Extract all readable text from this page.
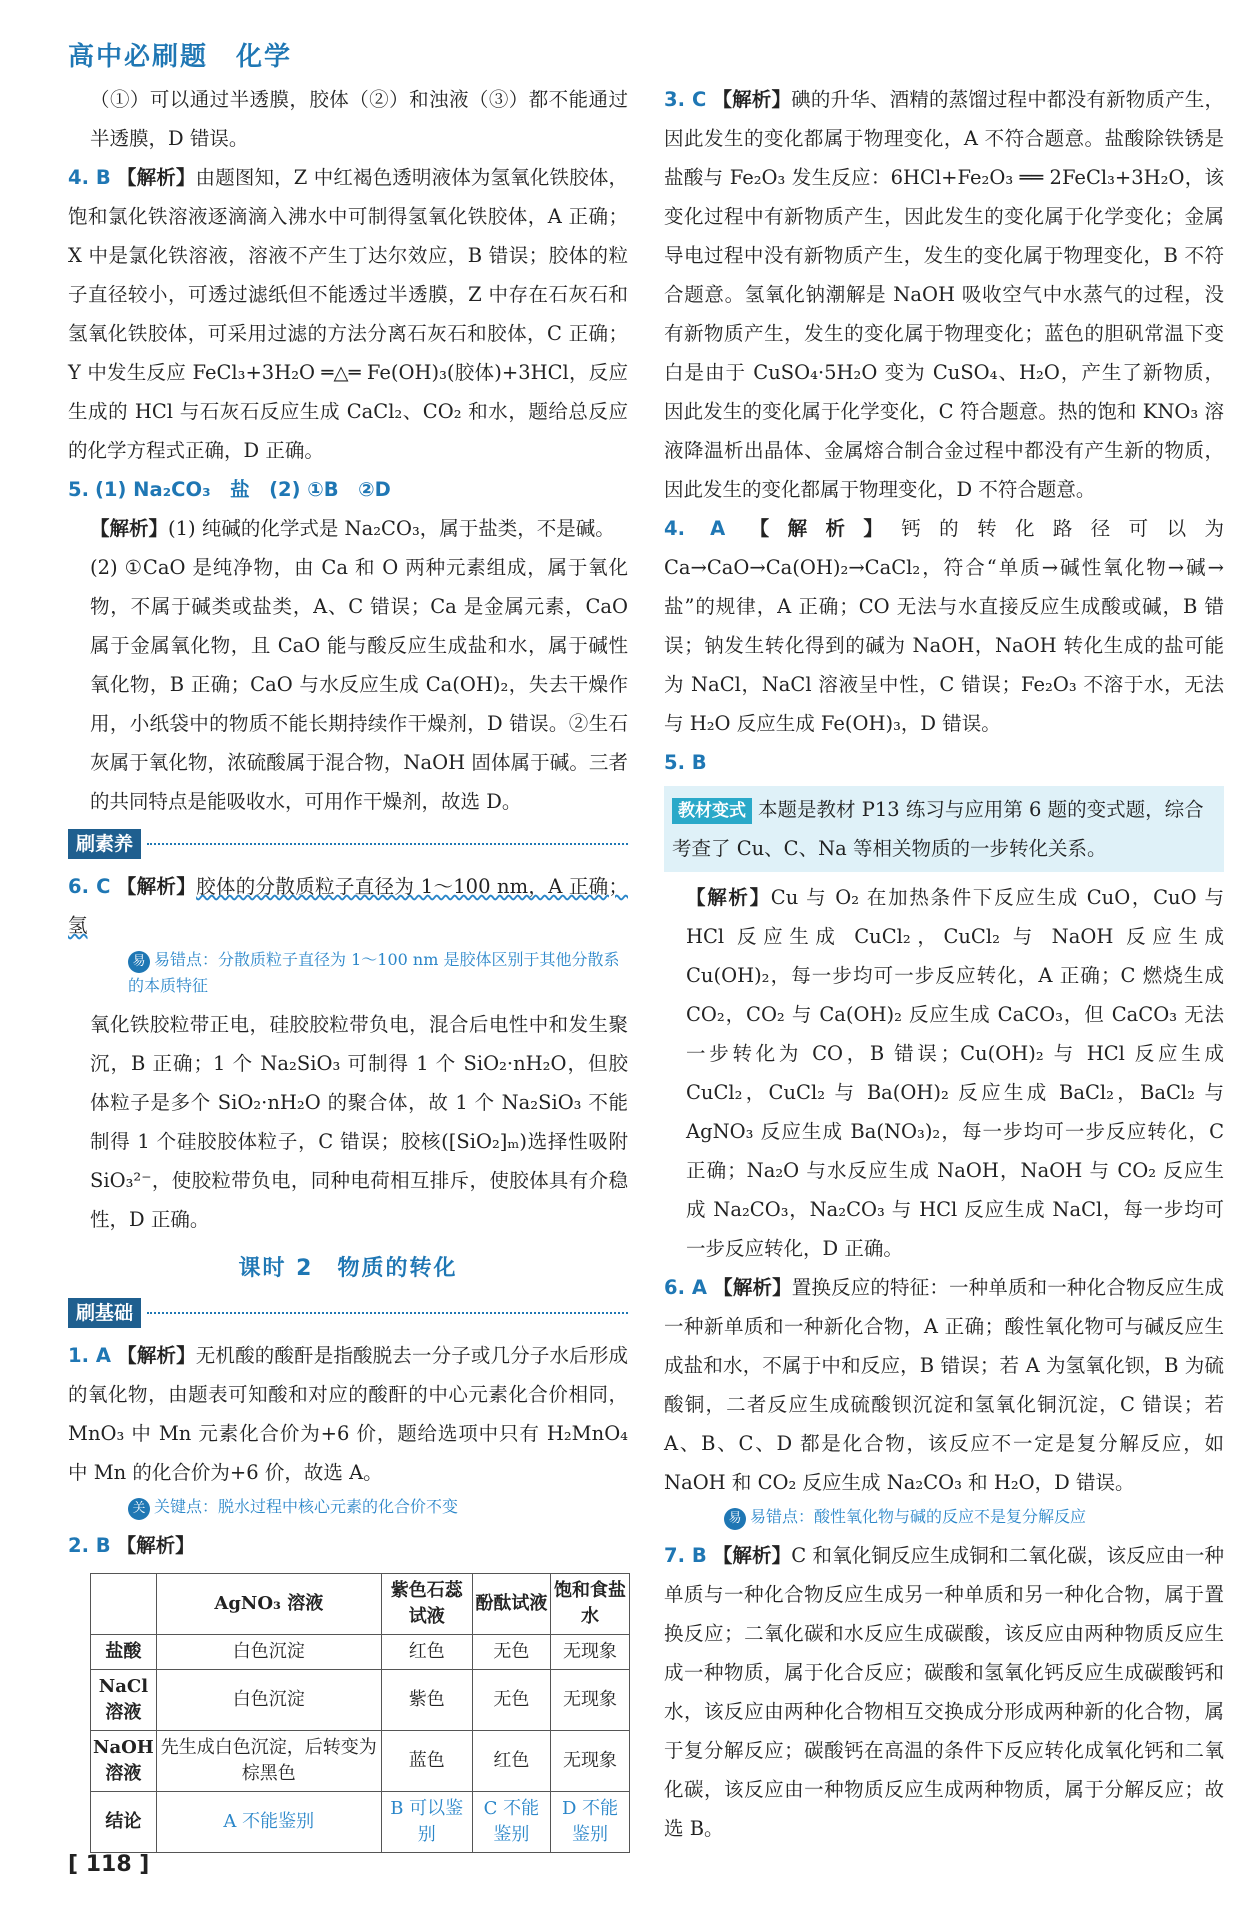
高中必刷题　化学

（①）可以通过半透膜，胶体（②）和浊液（③）都不能通过半透膜，D 错误。

4. B 【解析】由题图知，Z 中红褐色透明液体为氢氧化铁胶体，饱和氯化铁溶液逐滴滴入沸水中可制得氢氧化铁胶体，A 正确；X 中是氯化铁溶液，溶液不产生丁达尔效应，B 错误；胶体的粒子直径较小，可透过滤纸但不能透过半透膜，Z 中存在石灰石和氢氧化铁胶体，可采用过滤的方法分离石灰石和胶体，C 正确；Y 中发生反应 FeCl₃+3H₂O ═△═ Fe(OH)₃(胶体)+3HCl，反应生成的 HCl 与石灰石反应生成 CaCl₂、CO₂ 和水，题给总反应的化学方程式正确，D 正确。

5. (1) Na₂CO₃　盐　(2) ①B　②D

【解析】(1) 纯碱的化学式是 Na₂CO₃，属于盐类，不是碱。

(2) ①CaO 是纯净物，由 Ca 和 O 两种元素组成，属于氧化物，不属于碱类或盐类，A、C 错误；Ca 是金属元素，CaO 属于金属氧化物，且 CaO 能与酸反应生成盐和水，属于碱性氧化物，B 正确；CaO 与水反应生成 Ca(OH)₂，失去干燥作用，小纸袋中的物质不能长期持续作干燥剂，D 错误。②生石灰属于氧化物，浓硫酸属于混合物，NaOH 固体属于碱。三者的共同特点是能吸收水，可用作干燥剂，故选 D。

刷素养

6. C 【解析】胶体的分散质粒子直径为 1～100 nm，A 正确；氢

易 易错点：分散质粒子直径为 1～100 nm 是胶体区别于其他分散系的本质特征

氧化铁胶粒带正电，硅胶胶粒带负电，混合后电性中和发生聚沉，B 正确；1 个 Na₂SiO₃ 可制得 1 个 SiO₂·nH₂O，但胶体粒子是多个 SiO₂·nH₂O 的聚合体，故 1 个 Na₂SiO₃ 不能制得 1 个硅胶胶体粒子，C 错误；胶核([SiO₂]ₘ)选择性吸附 SiO₃²⁻，使胶粒带负电，同种电荷相互排斥，使胶体具有介稳性，D 正确。

课时 2　物质的转化
刷基础

1. A 【解析】无机酸的酸酐是指酸脱去一分子或几分子水后形成的氧化物，由题表可知酸和对应的酸酐的中心元素化合价相同，MnO₃ 中 Mn 元素化合价为+6 价，题给选项中只有 H₂MnO₄ 中 Mn 的化合价为+6 价，故选 A。

关 关键点：脱水过程中核心元素的化合价不变

2. B 【解析】

	AgNO₃ 溶液	紫色石蕊试液	酚酞试液	饱和食盐水
盐酸	白色沉淀	红色	无色	无现象
NaCl 溶液	白色沉淀	紫色	无色	无现象
NaOH 溶液	先生成白色沉淀，后转变为棕黑色	蓝色	红色	无现象
结论	A 不能鉴别	B 可以鉴别	C 不能鉴别	D 不能鉴别

3. C 【解析】碘的升华、酒精的蒸馏过程中都没有新物质产生，因此发生的变化都属于物理变化，A 不符合题意。盐酸除铁锈是盐酸与 Fe₂O₃ 发生反应：6HCl+Fe₂O₃ ══ 2FeCl₃+3H₂O，该变化过程中有新物质产生，因此发生的变化属于化学变化；金属导电过程中没有新物质产生，发生的变化属于物理变化，B 不符合题意。氢氧化钠潮解是 NaOH 吸收空气中水蒸气的过程，没有新物质产生，发生的变化属于物理变化；蓝色的胆矾常温下变白是由于 CuSO₄·5H₂O 变为 CuSO₄、H₂O，产生了新物质，因此发生的变化属于化学变化，C 符合题意。热的饱和 KNO₃ 溶液降温析出晶体、金属熔合制合金过程中都没有产生新的物质，因此发生的变化都属于物理变化，D 不符合题意。

4. A 【解析】钙的转化路径可以为 Ca→CaO→Ca(OH)₂→CaCl₂，符合“单质→碱性氧化物→碱→盐”的规律，A 正确；CO 无法与水直接反应生成酸或碱，B 错误；钠发生转化得到的碱为 NaOH，NaOH 转化生成的盐可能为 NaCl，NaCl 溶液呈中性，C 错误；Fe₂O₃ 不溶于水，无法与 H₂O 反应生成 Fe(OH)₃，D 错误。

5. B

教材变式 本题是教材 P13 练习与应用第 6 题的变式题，综合考查了 Cu、C、Na 等相关物质的一步转化关系。

【解析】Cu 与 O₂ 在加热条件下反应生成 CuO，CuO 与 HCl 反应生成 CuCl₂，CuCl₂ 与 NaOH 反应生成 Cu(OH)₂，每一步均可一步反应转化，A 正确；C 燃烧生成 CO₂，CO₂ 与 Ca(OH)₂ 反应生成 CaCO₃，但 CaCO₃ 无法一步转化为 CO，B 错误；Cu(OH)₂ 与 HCl 反应生成 CuCl₂，CuCl₂ 与 Ba(OH)₂ 反应生成 BaCl₂，BaCl₂ 与 AgNO₃ 反应生成 Ba(NO₃)₂，每一步均可一步反应转化，C 正确；Na₂O 与水反应生成 NaOH，NaOH 与 CO₂ 反应生成 Na₂CO₃，Na₂CO₃ 与 HCl 反应生成 NaCl，每一步均可一步反应转化，D 正确。

6. A 【解析】置换反应的特征：一种单质和一种化合物反应生成一种新单质和一种新化合物，A 正确；酸性氧化物可与碱反应生成盐和水，不属于中和反应，B 错误；若 A 为氢氧化钡，B 为硫酸铜，二者反应生成硫酸钡沉淀和氢氧化铜沉淀，C 错误；若 A、B、C、D 都是化合物，该反应不一定是复分解反应，如 NaOH 和 CO₂ 反应生成 Na₂CO₃ 和 H₂O，D 错误。

易 易错点：酸性氧化物与碱的反应不是复分解反应

7. B 【解析】C 和氧化铜反应生成铜和二氧化碳，该反应由一种单质与一种化合物反应生成另一种单质和另一种化合物，属于置换反应；二氧化碳和水反应生成碳酸，该反应由两种物质反应生成一种物质，属于化合反应；碳酸和氢氧化钙反应生成碳酸钙和水，该反应由两种化合物相互交换成分形成两种新的化合物，属于复分解反应；碳酸钙在高温的条件下反应转化成氧化钙和二氧化碳，该反应由一种物质反应生成两种物质，属于分解反应；故选 B。

[ 118 ]
